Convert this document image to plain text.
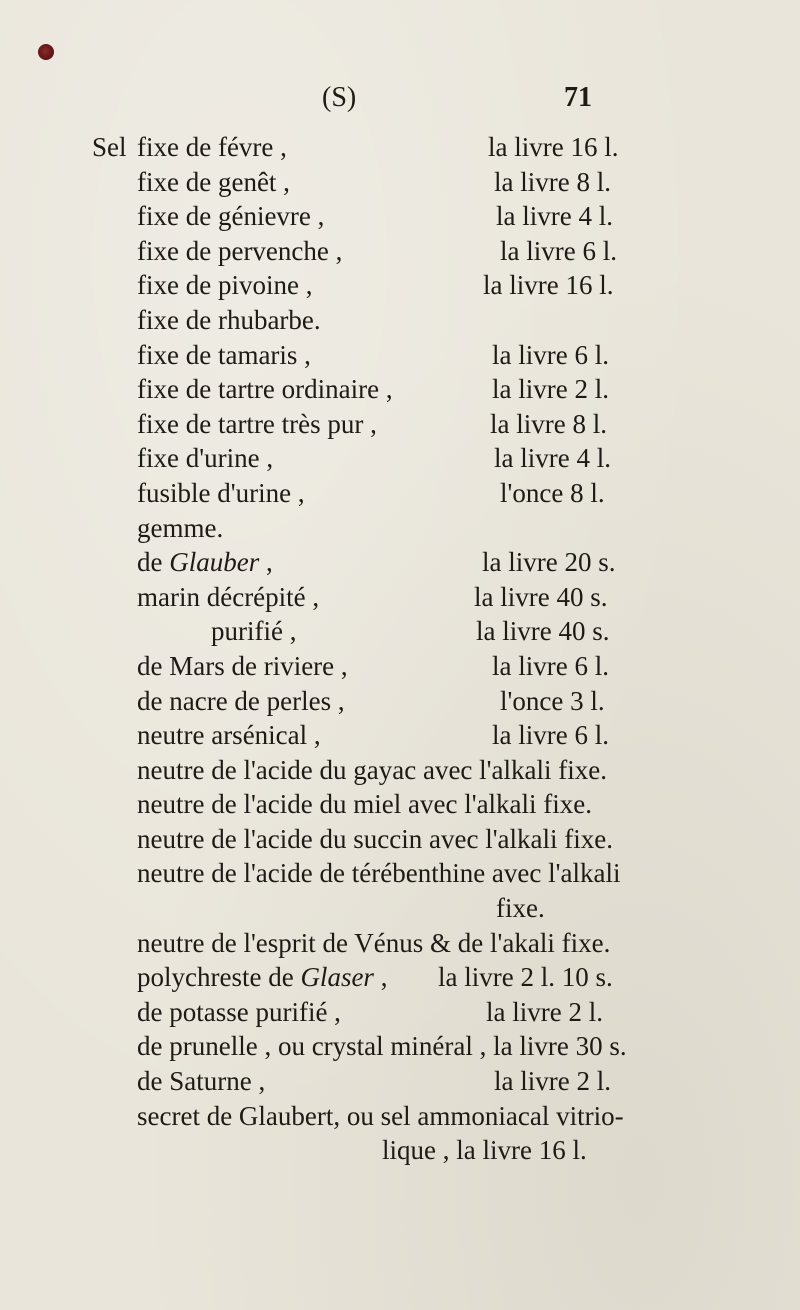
(S)	71
Sel fixe de févre ,	la livre 16 l.
fixe de genêt ,	la livre 8 l.
fixe de génievre ,	la livre 4 l.
fixe de pervenche ,	la livre 6 l.
fixe de pivoine ,	la livre 16 l.
fixe de rhubarbe.
fixe de tamaris ,	la livre 6 l.
fixe de tartre ordinaire ,	la livre 2 l.
fixe de tartre très pur ,	la livre 8 l.
fixe d'urine ,	la livre 4 l.
fusible d'urine ,	l'once 8 l.
gemme.
de Glauber ,	la livre 20 s.
marin décrépité ,	la livre 40 s.
purifié ,	la livre 40 s.
de Mars de riviere ,	la livre 6 l.
de nacre de perles ,	l'once 3 l.
neutre arsénical ,	la livre 6 l.
neutre de l'acide du gayac avec l'alkali fixe.
neutre de l'acide du miel avec l'alkali fixe.
neutre de l'acide du succin avec l'alkali fixe.
neutre de l'acide de térébenthine avec l'alkali
fixe.
neutre de l'esprit de Vénus & de l'akali fixe.
polychreste de Glaser , la livre 2 l. 10 s.
de potasse purifié ,	la livre 2 l.
de prunelle , ou crystal minéral , la livre 30 s.
de Saturne ,	la livre 2 l.
secret de Glaubert, ou sel ammoniacal vitrio-
lique , la livre 16 l.
